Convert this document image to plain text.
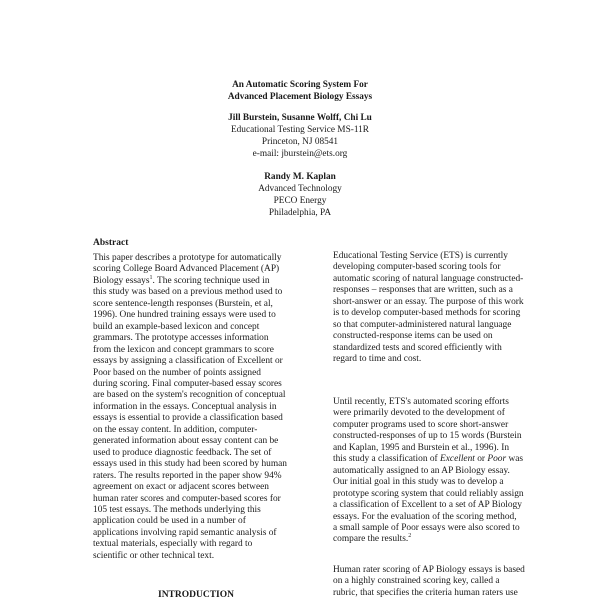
An Automatic Scoring System For
Advanced Placement Biology Essays
Jill Burstein, Susanne Wolff, Chi Lu
Educational Testing Service MS-11R
Princeton, NJ 08541
e-mail: jburstein@ets.org
Randy M. Kaplan
Advanced Technology
PECO Energy
Philadelphia, PA
Abstract

This paper describes a prototype for automatically

scoring College Board Advanced Placement (AP)

Biology essays$^1$. The scoring technique used in

this study was based on a previous method used to

score sentence-length responses (Burstein, et al,

1996). One hundred training essays were used to

build an example-based lexicon and concept

grammars. The prototype accesses information

from the lexicon and concept grammars to score

essays by assigning a classification of Excellent or

Poor based on the number of points assigned

during scoring. Final computer-based essay scores

are based on the system's recognition of conceptual

information in the essays. Conceptual analysis in

essays is essential to provide a classification based

on the essay content. In addition, computer-

generated information about essay content can be

used to produce diagnostic feedback. The set of

essays used in this study had been scored by human

raters. The results reported in the paper show 94%

agreement on exact or adjacent scores between

human rater scores and computer-based scores for

105 test essays. The methods underlying this

application could be used in a number of

applications involving rapid semantic analysis of

textual materials, especially with regard to

scientific or other technical text.

INTRODUCTION

Educational Testing Service (ETS) is currently

developing computer-based scoring tools for

automatic scoring of natural language constructed-

responses – responses that are written, such as a

short-answer or an essay. The purpose of this work

is to develop computer-based methods for scoring

so that computer-administered natural language

constructed-response items can be used on

standardized tests and scored efficiently with

regard to time and cost.

Until recently, ETS's automated scoring efforts

were primarily devoted to the development of

computer programs used to score short-answer

constructed-responses of up to 15 words (Burstein

and Kaplan, 1995 and Burstein et al., 1996). In

this study a classification of Excellent or Poor was

automatically assigned to an AP Biology essay.

Our initial goal in this study was to develop a

prototype scoring system that could reliably assign

a classification of Excellent to a set of AP Biology

essays. For the evaluation of the scoring method,

a small sample of Poor essays were also scored to

compare the results.$^2$

Human rater scoring of AP Biology essays is based

on a highly constrained scoring key, called a

rubric, that specifies the criteria human raters use
